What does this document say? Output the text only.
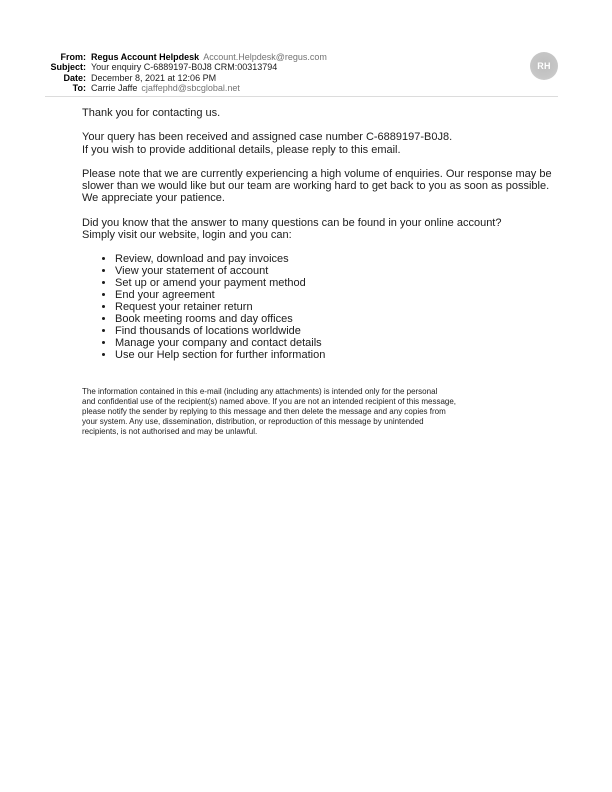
From: Regus Account Helpdesk Account.Helpdesk@regus.com
Subject: Your enquiry C-6889197-B0J8 CRM:00313794
Date: December 8, 2021 at 12:06 PM
To: Carrie Jaffe cjaffephd@sbcglobal.net
RH
Thank you for contacting us.
Your query has been received and assigned case number C-6889197-B0J8.
If you wish to provide additional details, please reply to this email.
Please note that we are currently experiencing a high volume of enquiries. Our response may be
slower than we would like but our team are working hard to get back to you as soon as possible.
We appreciate your patience.
Did you know that the answer to many questions can be found in your online account?
Simply visit our website, login and you can:
• Review, download and pay invoices
• View your statement of account
• Set up or amend your payment method
• End your agreement
• Request your retainer return
• Book meeting rooms and day offices
• Find thousands of locations worldwide
• Manage your company and contact details
• Use our Help section for further information
The information contained in this e-mail (including any attachments) is intended only for the personal
and confidential use of the recipient(s) named above. If you are not an intended recipient of this message,
please notify the sender by replying to this message and then delete the message and any copies from
your system. Any use, dissemination, distribution, or reproduction of this message by unintended
recipients, is not authorised and may be unlawful.
